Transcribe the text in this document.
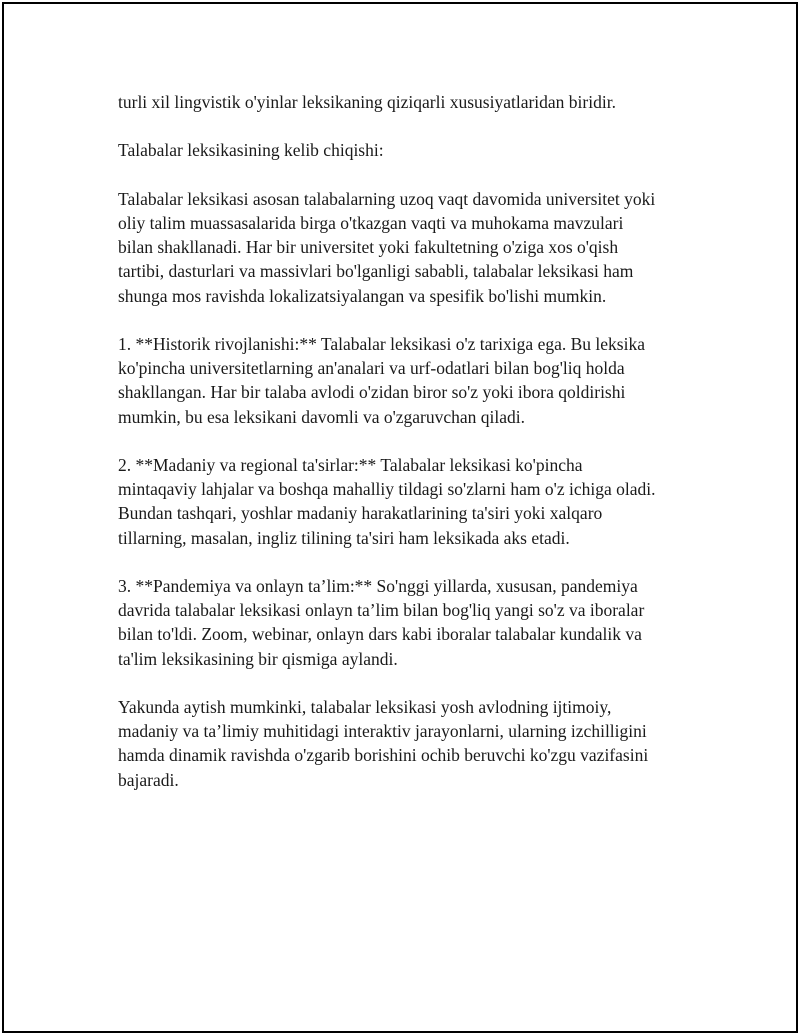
turli xil lingvistik o'yinlar leksikaning qiziqarli xususiyatlaridan biridir.

Talabalar leksikasining kelib chiqishi:

Talabalar leksikasi asosan talabalarning uzoq vaqt davomida universitet yoki
oliy talim muassasalarida birga o'tkazgan vaqti va muhokama mavzulari
bilan shakllanadi. Har bir universitet yoki fakultetning o'ziga xos o'qish
tartibi, dasturlari va massivlari bo'lganligi sababli, talabalar leksikasi ham
shunga mos ravishda lokalizatsiyalangan va spesifik bo'lishi mumkin.

1. **Historik rivojlanishi:** Talabalar leksikasi o'z tarixiga ega. Bu leksika
ko'pincha universitetlarning an'analari va urf-odatlari bilan bog'liq holda
shakllangan. Har bir talaba avlodi o'zidan biror so'z yoki ibora qoldirishi
mumkin, bu esa leksikani davomli va o'zgaruvchan qiladi.

2. **Madaniy va regional ta'sirlar:** Talabalar leksikasi ko'pincha
mintaqaviy lahjalar va boshqa mahalliy tildagi so'zlarni ham o'z ichiga oladi.
Bundan tashqari, yoshlar madaniy harakatlarining ta'siri yoki xalqaro
tillarning, masalan, ingliz tilining ta'siri ham leksikada aks etadi.

3. **Pandemiya va onlayn ta’lim:** So'nggi yillarda, xususan, pandemiya
davrida talabalar leksikasi onlayn ta’lim bilan bog'liq yangi so'z va iboralar
bilan to'ldi. Zoom, webinar, onlayn dars kabi iboralar talabalar kundalik va
ta'lim leksikasining bir qismiga aylandi.

Yakunda aytish mumkinki, talabalar leksikasi yosh avlodning ijtimoiy,
madaniy va ta’limiy muhitidagi interaktiv jarayonlarni, ularning izchilligini
hamda dinamik ravishda o'zgarib borishini ochib beruvchi ko'zgu vazifasini
bajaradi.
